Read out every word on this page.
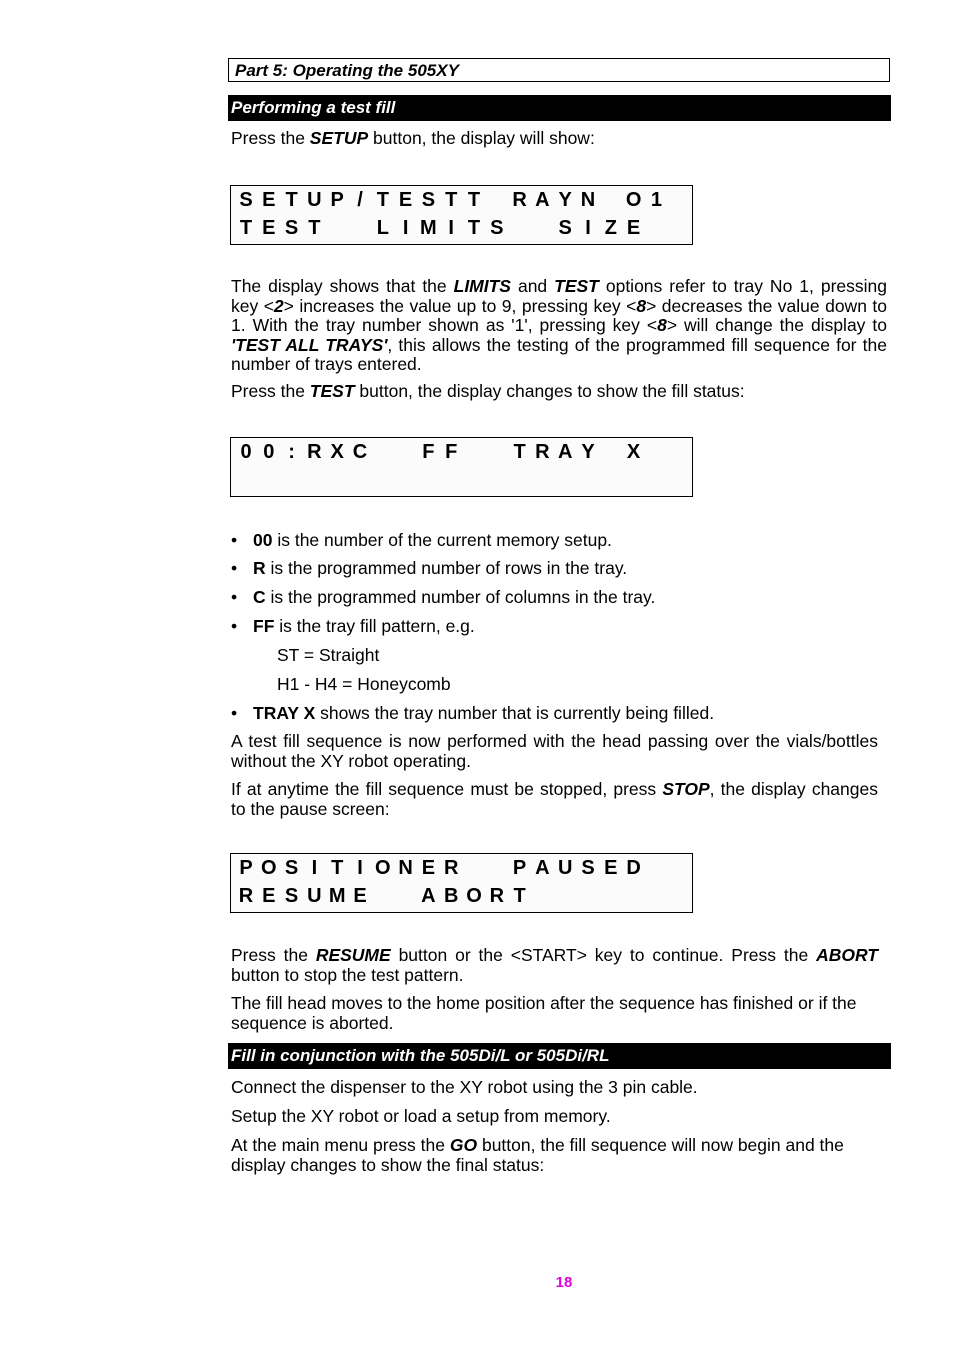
Part 5: Operating the 505XY
Performing a test fill
Press the SETUP button, the display will show:
S E T U P / T E S T T R A Y N O 1
T E S T	L I M I T S	S I Z E
The display shows that the LIMITS and TEST options refer to tray No 1, pressing key <2> increases the value up to 9, pressing key <8> decreases the value down to 1. With the tray number shown as '1', pressing key <8> will change the display to 'TEST ALL TRAYS', this allows the testing of the programmed fill sequence for the number of trays entered.
Press the TEST button, the display changes to show the fill status:
0 0 : R X C	F F	T R A Y X
• 00 is the number of the current memory setup.
• R is the programmed number of rows in the tray.
• C is the programmed number of columns in the tray.
• FF is the tray fill pattern, e.g.
ST = Straight
H1 - H4 = Honeycomb
• TRAY X shows the tray number that is currently being filled.
A test fill sequence is now performed with the head passing over the vials/bottles without the XY robot operating.
If at anytime the fill sequence must be stopped, press STOP, the display changes to the pause screen:
P O S I T I O N E R	P A U S E D
R E S U M E	A B O R T
Press the RESUME button or the <START> key to continue. Press the ABORT button to stop the test pattern.
The fill head moves to the home position after the sequence has finished or if the sequence is aborted.
Fill in conjunction with the 505Di/L or 505Di/RL
Connect the dispenser to the XY robot using the 3 pin cable.
Setup the XY robot or load a setup from memory.
At the main menu press the GO button, the fill sequence will now begin and the display changes to show the final status:
18
